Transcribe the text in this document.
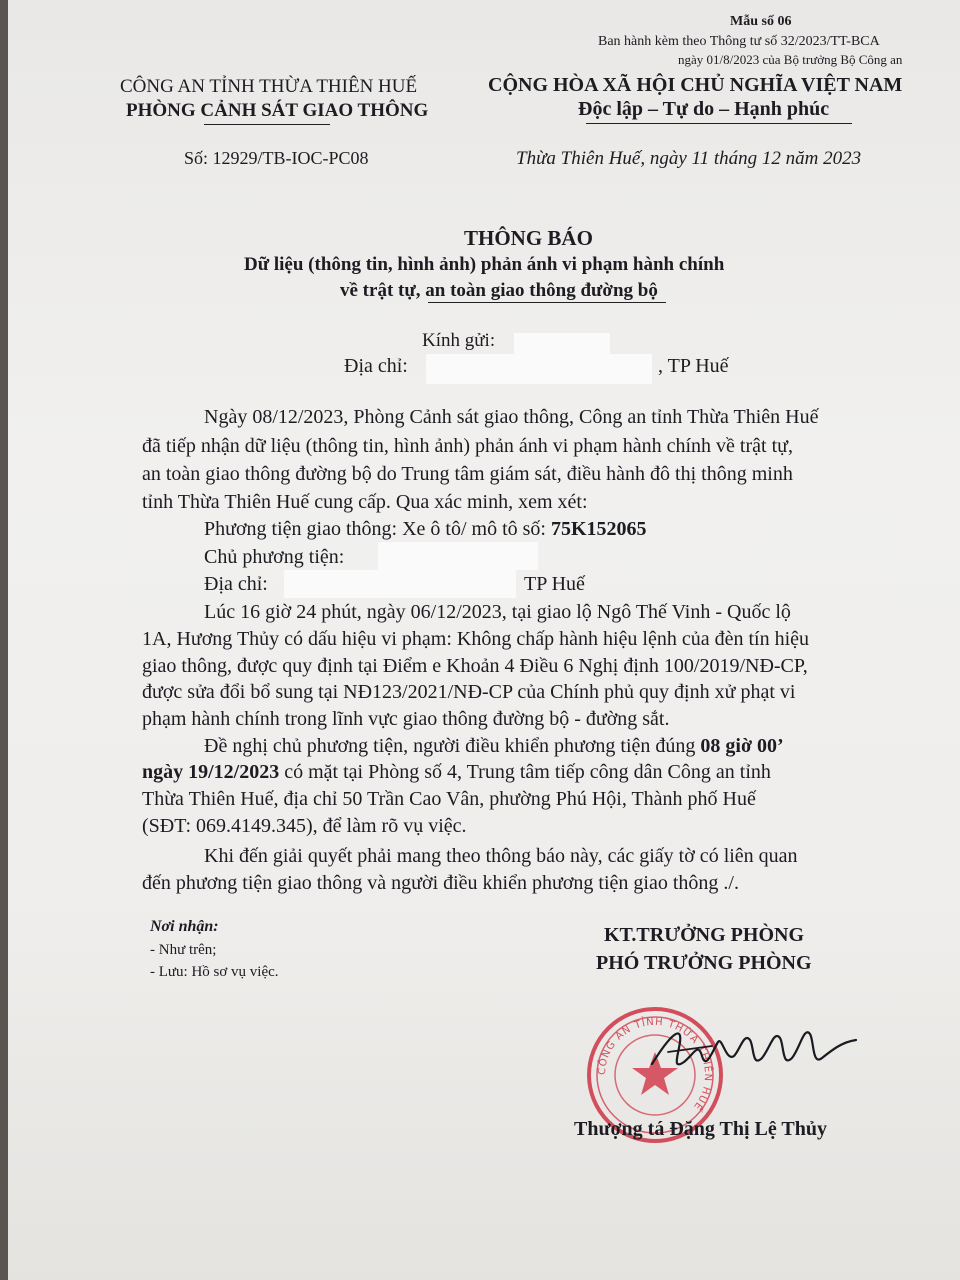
Mẫu số 06
Ban hành kèm theo Thông tư số 32/2023/TT-BCA
ngày 01/8/2023 của Bộ trưởng Bộ Công an
CÔNG AN TỈNH THỪA THIÊN HUẾ
PHÒNG CẢNH SÁT GIAO THÔNG
CỘNG HÒA XÃ HỘI CHỦ NGHĨA VIỆT NAM
Độc lập – Tự do – Hạnh phúc
Số: 12929/TB-IOC-PC08	Thừa Thiên Huế, ngày 11 tháng 12 năm 2023
THÔNG BÁO
Dữ liệu (thông tin, hình ảnh) phản ánh vi phạm hành chính
về trật tự, an toàn giao thông đường bộ
Kính gửi:
Địa chỉ:	, TP Huế
Ngày 08/12/2023, Phòng Cảnh sát giao thông, Công an tỉnh Thừa Thiên Huế
đã tiếp nhận dữ liệu (thông tin, hình ảnh) phản ánh vi phạm hành chính về trật tự,
an toàn giao thông đường bộ do Trung tâm giám sát, điều hành đô thị thông minh
tỉnh Thừa Thiên Huế cung cấp. Qua xác minh, xem xét:
Phương tiện giao thông: Xe ô tô/ mô tô số: 75K152065
Chủ phương tiện:
Địa chỉ:	TP Huế
Lúc 16 giờ 24 phút, ngày 06/12/2023, tại giao lộ Ngô Thế Vinh - Quốc lộ
1A, Hương Thủy có dấu hiệu vi phạm: Không chấp hành hiệu lệnh của đèn tín hiệu
giao thông, được quy định tại Điểm e Khoản 4 Điều 6 Nghị định 100/2019/NĐ-CP,
được sửa đổi bổ sung tại NĐ123/2021/NĐ-CP của Chính phủ quy định xử phạt vi
phạm hành chính trong lĩnh vực giao thông đường bộ - đường sắt.
Đề nghị chủ phương tiện, người điều khiển phương tiện đúng 08 giờ 00’
ngày 19/12/2023 có mặt tại Phòng số 4, Trung tâm tiếp công dân Công an tỉnh
Thừa Thiên Huế, địa chỉ 50 Trần Cao Vân, phường Phú Hội, Thành phố Huế
(SĐT: 069.4149.345), để làm rõ vụ việc.
Khi đến giải quyết phải mang theo thông báo này, các giấy tờ có liên quan
đến phương tiện giao thông và người điều khiển phương tiện giao thông ./.
Nơi nhận:
- Như trên;
- Lưu: Hồ sơ vụ việc.
KT.TRƯỞNG PHÒNG
PHÓ TRƯỞNG PHÒNG
CÔNG AN TỈNH THỪA THIÊN HUẾ
Thượng tá Đặng Thị Lệ Thủy
